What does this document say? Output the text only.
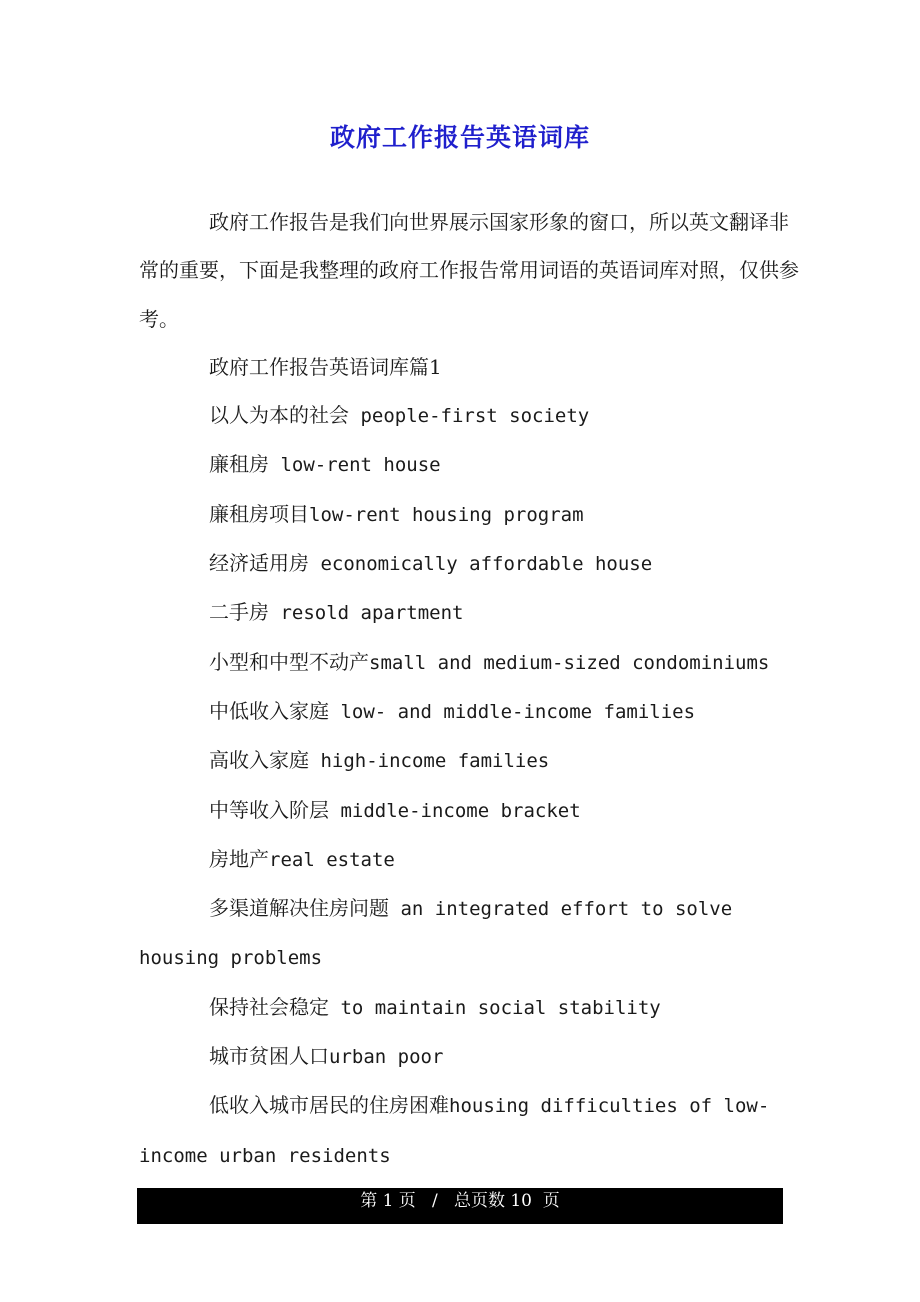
政府工作报告英语词库

政府工作报告是我们向世界展示国家形象的窗口，所以英文翻译非常的重要，下面是我整理的政府工作报告常用词语的英语词库对照，仅供参考。

政府工作报告英语词库篇1

以人为本的社会 people-first society

廉租房 low-rent house

廉租房项目low-rent housing program

经济适用房 economically affordable house

二手房 resold apartment

小型和中型不动产small and medium-sized condominiums

中低收入家庭 low- and middle-income families

高收入家庭 high-income families

中等收入阶层 middle-income bracket

房地产real estate

多渠道解决住房问题 an integrated effort to solve housing problems

保持社会稳定 to maintain social stability

城市贫困人口urban poor

低收入城市居民的住房困难housing difficulties of low-income urban residents

第 1 页   /   总页数 10  页
